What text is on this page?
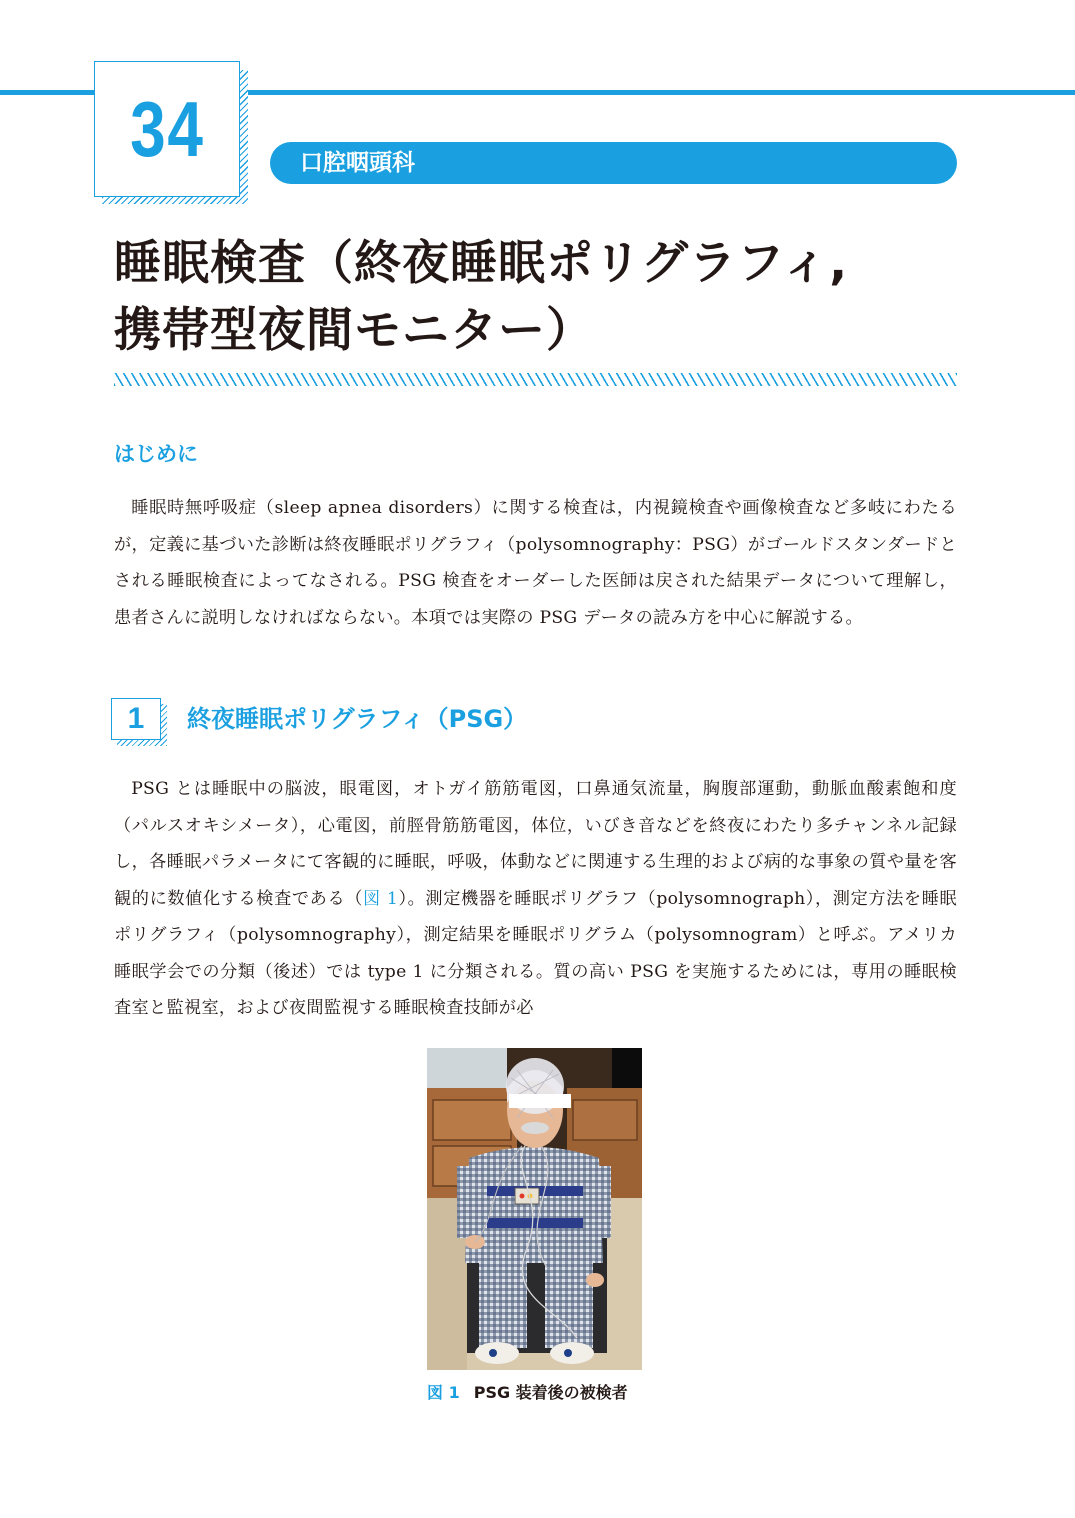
34	口腔咽頭科
睡眠検査（終夜睡眠ポリグラフィ,
携帯型夜間モニター）
はじめに

睡眠時無呼吸症（sleep apnea disorders）に関する検査は，内視鏡検査や画像検査など多岐にわたるが，定義に基づいた診断は終夜睡眠ポリグラフィ（polysomnography：PSG）がゴールドスタンダードとされる睡眠検査によってなされる。PSG 検査をオーダーした医師は戻された結果データについて理解し，患者さんに説明しなければならない。本項では実際の PSG データの読み方を中心に解説する。

1	終夜睡眠ポリグラフィ（PSG）

PSG とは睡眠中の脳波，眼電図，オトガイ筋筋電図，口鼻通気流量，胸腹部運動，動脈血酸素飽和度（パルスオキシメータ），心電図，前脛骨筋筋電図，体位，いびき音などを終夜にわたり多チャンネル記録し，各睡眠パラメータにて客観的に睡眠，呼吸，体動などに関連する生理的および病的な事象の質や量を客観的に数値化する検査である（図 1）。測定機器を睡眠ポリグラフ（polysomnograph），測定方法を睡眠ポリグラフィ（polysomnography），測定結果を睡眠ポリグラム（polysomnogram）と呼ぶ。アメリカ睡眠学会での分類（後述）では type 1 に分類される。質の高い PSG を実施するためには，専用の睡眠検査室と監視室，および夜間監視する睡眠検査技師が必

図 1 PSG 装着後の被検者
